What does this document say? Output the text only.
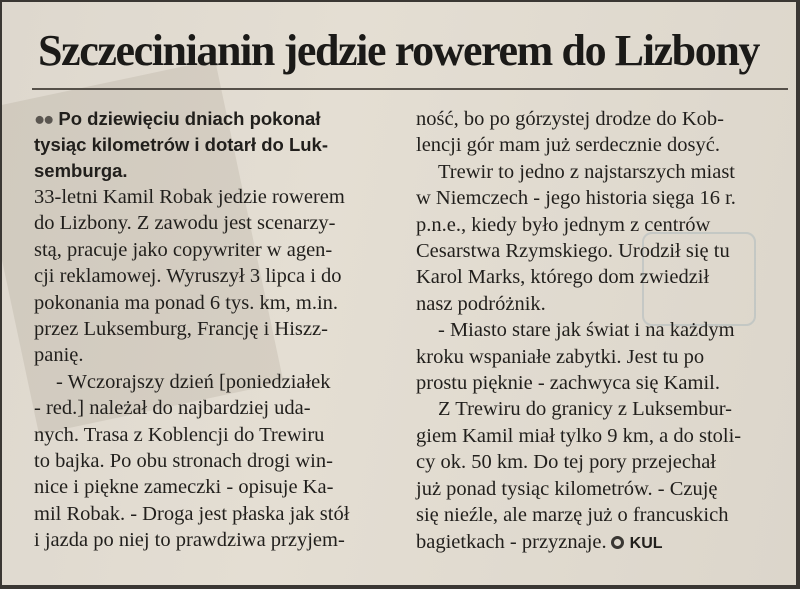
Szczecinianin jedzie rowerem do Lizbony
●● Po dziewięciu dniach pokonał
tysiąc kilometrów i dotarł do Luk-
semburga.
33-letni Kamil Robak jedzie rowerem
do Lizbony. Z zawodu jest scenarzy-
stą, pracuje jako copywriter w agen-
cji reklamowej. Wyruszył 3 lipca i do
pokonania ma ponad 6 tys. km, m.in.
przez Luksemburg, Francję i Hiszz-
panię.
- Wczorajszy dzień [poniedziałek
- red.] należał do najbardziej uda-
nych. Trasa z Koblencji do Trewiru
to bajka. Po obu stronach drogi win-
nice i piękne zameczki - opisuje Ka-
mil Robak. - Droga jest płaska jak stół
i jazda po niej to prawdziwa przyjem-
ność, bo po górzystej drodze do Kob-
lencji gór mam już serdecznie dosyć.
Trewir to jedno z najstarszych miast
w Niemczech - jego historia sięga 16 r.
p.n.e., kiedy było jednym z centrów
Cesarstwa Rzymskiego. Urodził się tu
Karol Marks, którego dom zwiedził
nasz podróżnik.
- Miasto stare jak świat i na każdym
kroku wspaniałe zabytki. Jest tu po
prostu pięknie - zachwyca się Kamil.
Z Trewiru do granicy z Luksembur-
giem Kamil miał tylko 9 km, a do stoli-
cy ok. 50 km. Do tej pory przejechał
już ponad tysiąc kilometrów. - Czuję
się nieźle, ale marzę już o francuskich
bagietkach - przyznaje. KUL
